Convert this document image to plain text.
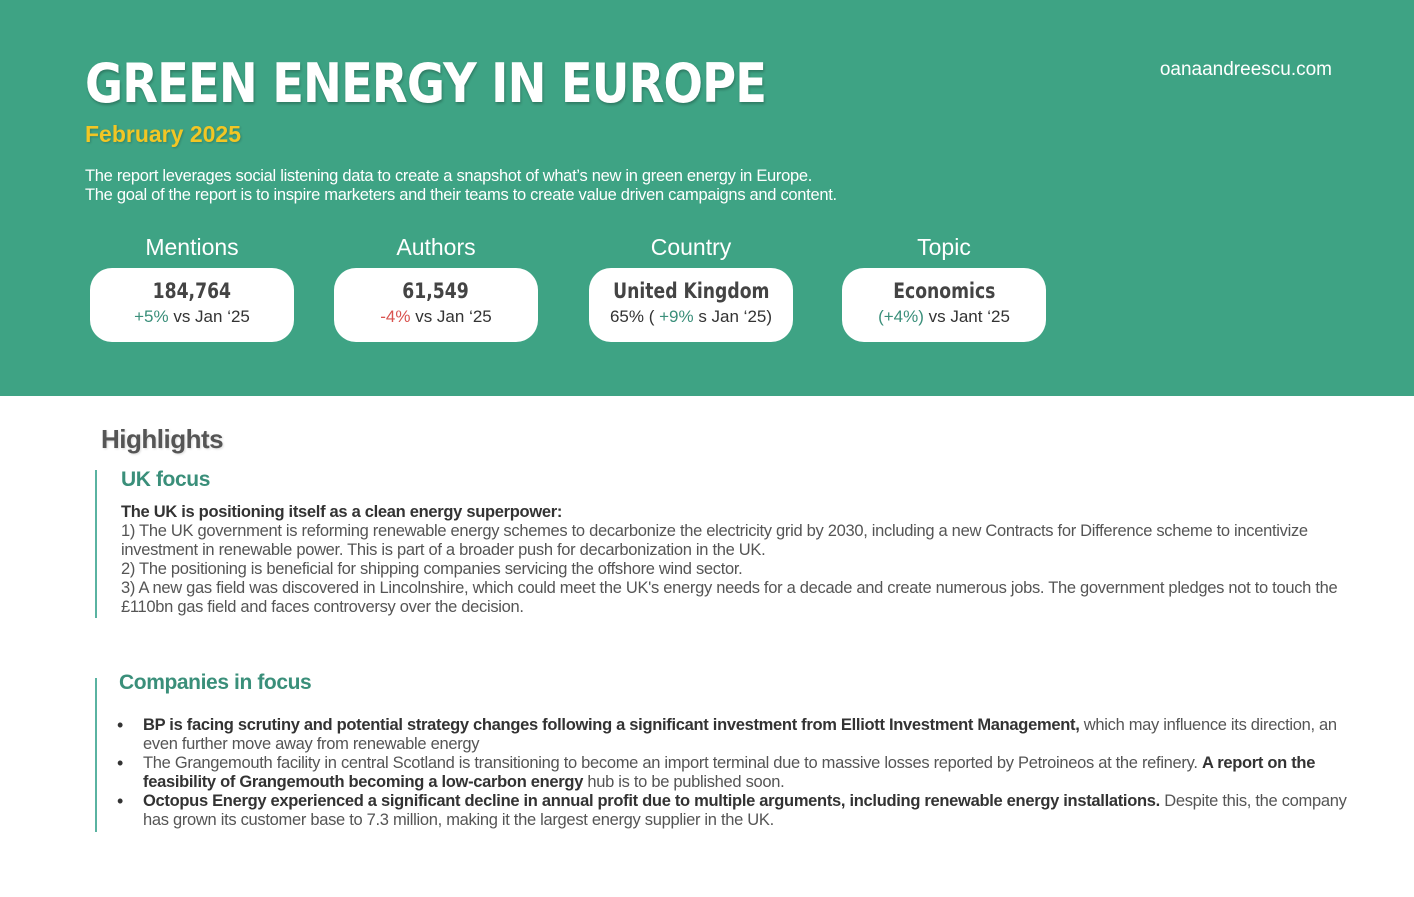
GREEN ENERGY IN EUROPE
February 2025
oanaandreescu.com
The report leverages social listening data to create a snapshot of what’s new in green energy in Europe.
The goal of the report is to inspire marketers and their teams to create value driven campaigns and content.
Mentions
184,764
+5% vs Jan ‘25
Authors
61,549
-4% vs Jan ‘25
Country
United Kingdom
65% ( +9% s Jan ‘25)
Topic
Economics
(+4%) vs Jant ‘25
Highlights
UK focus
The UK is positioning itself as a clean energy superpower:
1) The UK government is reforming renewable energy schemes to decarbonize the electricity grid by 2030, including a new Contracts for Difference scheme to incentivize investment in renewable power. This is part of a broader push for decarbonization in the UK.
2) The positioning is beneficial for shipping companies servicing the offshore wind sector.
3) A new gas field was discovered in Lincolnshire, which could meet the UK's energy needs for a decade and create numerous jobs. The government pledges not to touch the £110bn gas field and faces controversy over the decision.
Companies in focus
• BP is facing scrutiny and potential strategy changes following a significant investment from Elliott Investment Management, which may influence its direction, an even further move away from renewable energy
• The Grangemouth facility in central Scotland is transitioning to become an import terminal due to massive losses reported by Petroineos at the refinery. A report on the feasibility of Grangemouth becoming a low-carbon energy hub is to be published soon.
• Octopus Energy experienced a significant decline in annual profit due to multiple arguments, including renewable energy installations. Despite this, the company has grown its customer base to 7.3 million, making it the largest energy supplier in the UK.
